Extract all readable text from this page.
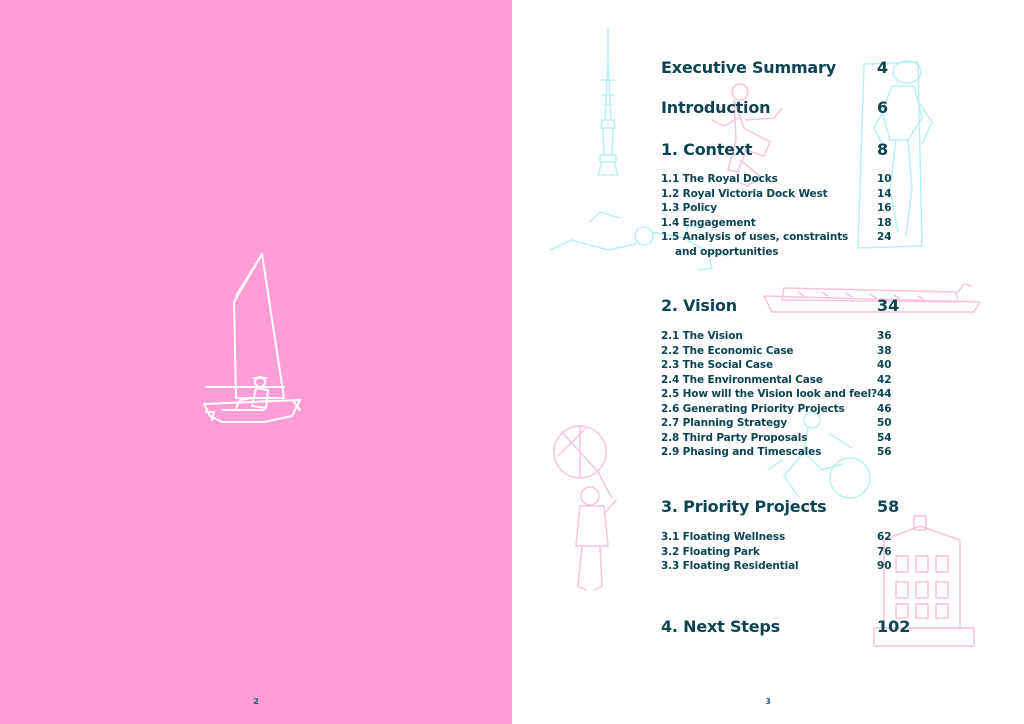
2
Executive Summary	4
Introduction	6
1. Context	8
1.1 The Royal Docks	10
1.2 Royal Victoria Dock West	14
1.3 Policy	16
1.4 Engagement	18
1.5 Analysis of uses, constraints	24
and opportunities
2. Vision	34
2.1 The Vision	36
2.2 The Economic Case	38
2.3 The Social Case	40
2.4 The Environmental Case	42
2.5 How will the Vision look and feel? 44
2.6 Generating Priority Projects	46
2.7 Planning Strategy	50
2.8 Third Party Proposals	54
2.9 Phasing and Timescales	56
3. Priority Projects	58
3.1 Floating Wellness	62
3.2 Floating Park	76
3.3 Floating Residential	90
4. Next Steps	102
3
